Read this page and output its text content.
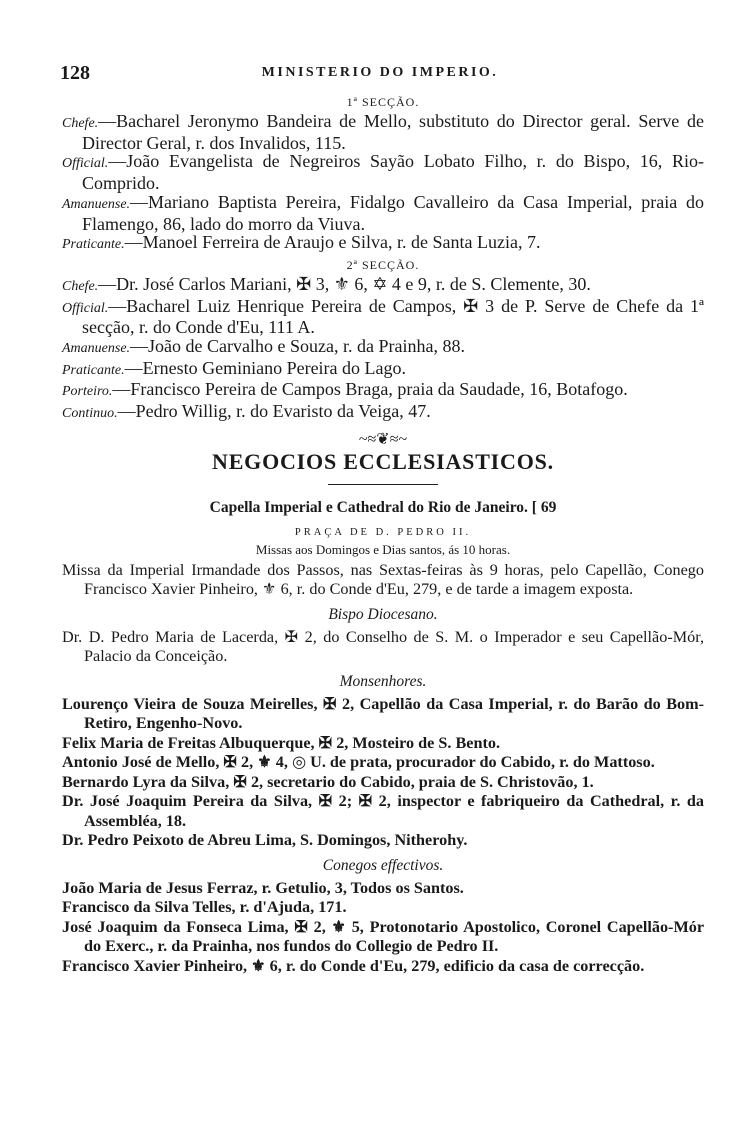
128	MINISTERIO DO IMPERIO.
1ª SECÇÃO.
Chefe.—Bacharel Jeronymo Bandeira de Mello, substituto do Director geral. Serve de Director Geral, r. dos Invalidos, 115.
Official.—João Evangelista de Negreiros Sayão Lobato Filho, r. do Bispo, 16, Rio-Comprido.
Amanuense.—Mariano Baptista Pereira, Fidalgo Cavalleiro da Casa Imperial, praia do Flamengo, 86, lado do morro da Viuva.
Praticante.—Manoel Ferreira de Araujo e Silva, r. de Santa Luzia, 7.
2ª SECÇÃO.
Chefe.—Dr. José Carlos Mariani, ✠ 3, ⚜ 6, ✡ 4 e 9, r. de S. Clemente, 30.
Official.—Bacharel Luiz Henrique Pereira de Campos, ✠ 3 de P. Serve de Chefe da 1ª secção, r. do Conde d'Eu, 111 A.
Amanuense.—João de Carvalho e Souza, r. da Prainha, 88.
Praticante.—Ernesto Geminiano Pereira do Lago.
Porteiro.—Francisco Pereira de Campos Braga, praia da Saudade, 16, Botafogo.
Continuo.—Pedro Willig, r. do Evaristo da Veiga, 47.
~≈❦≈~
NEGOCIOS ECCLESIASTICOS.
Capella Imperial e Cathedral do Rio de Janeiro. [ 69
PRAÇA DE D. PEDRO II.
Missas aos Domingos e Dias santos, ás 10 horas.
Missa da Imperial Irmandade dos Passos, nas Sextas-feiras às 9 horas, pelo Capellão, Conego Francisco Xavier Pinheiro, ⚜ 6, r. do Conde d'Eu, 279, e de tarde a imagem exposta.
Bispo Diocesano.
Dr. D. Pedro Maria de Lacerda, ✠ 2, do Conselho de S. M. o Imperador e seu Capellão-Mór, Palacio da Conceição.
Monsenhores.
Lourenço Vieira de Souza Meirelles, ✠ 2, Capellão da Casa Imperial, r. do Barão do Bom-Retiro, Engenho-Novo.
Felix Maria de Freitas Albuquerque, ✠ 2, Mosteiro de S. Bento.
Antonio José de Mello, ✠ 2, ⚜ 4, ◎ U. de prata, procurador do Cabido, r. do Mattoso.
Bernardo Lyra da Silva, ✠ 2, secretario do Cabido, praia de S. Christovão, 1.
Dr. José Joaquim Pereira da Silva, ✠ 2; ✠ 2, inspector e fabriqueiro da Cathedral, r. da Assembléa, 18.
Dr. Pedro Peixoto de Abreu Lima, S. Domingos, Nitherohy.
Conegos effectivos.
João Maria de Jesus Ferraz, r. Getulio, 3, Todos os Santos.
Francisco da Silva Telles, r. d'Ajuda, 171.
José Joaquim da Fonseca Lima, ✠ 2, ⚜ 5, Protonotario Apostolico, Coronel Capellão-Mór do Exerc., r. da Prainha, nos fundos do Collegio de Pedro II.
Francisco Xavier Pinheiro, ⚜ 6, r. do Conde d'Eu, 279, edificio da casa de correcção.
